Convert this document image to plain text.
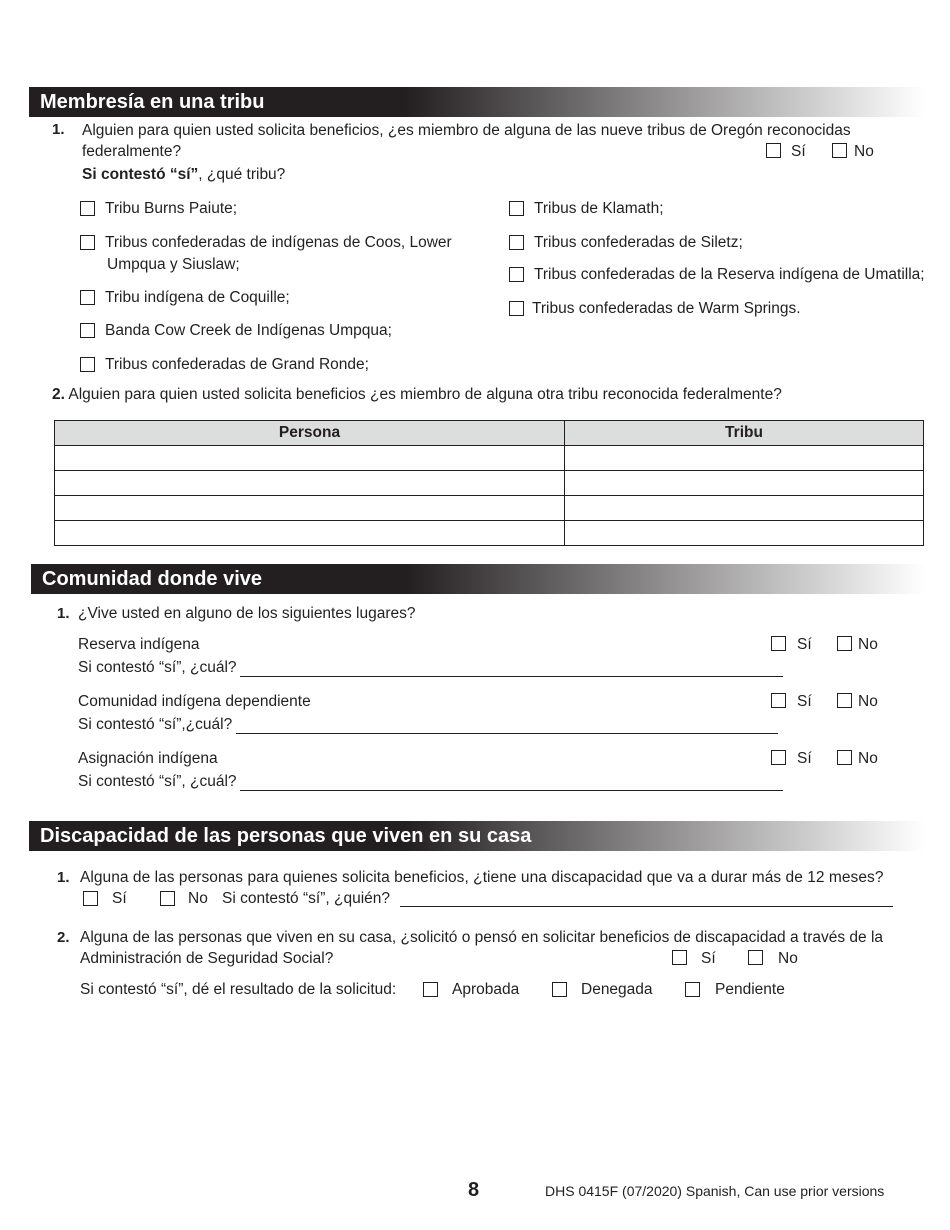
Membresía en una tribu
1. Alguien para quien usted solicita beneficios, ¿es miembro de alguna de las nueve tribus de Oregón reconocidas
federalmente?	Sí	No
Si contestó “sí”, ¿qué tribu?
Tribu Burns Paiute;
Tribus confederadas de indígenas de Coos, Lower
Umpqua y Siuslaw;
Tribu indígena de Coquille;
Banda Cow Creek de Indígenas Umpqua;
Tribus confederadas de Grand Ronde;
Tribus de Klamath;
Tribus confederadas de Siletz;
Tribus confederadas de la Reserva indígena de Umatilla;
Tribus confederadas de Warm Springs.
2. Alguien para quien usted solicita beneficios ¿es miembro de alguna otra tribu reconocida federalmente?
Persona	Tribu

Comunidad donde vive
1. ¿Vive usted en alguno de los siguientes lugares?
Reserva indígena
Si contestó “sí”, ¿cuál?
Sí	No
Comunidad indígena dependiente
Si contestó “sí”,¿cuál?
Sí	No
Asignación indígena
Si contestó “sí”, ¿cuál?
Sí	No
Discapacidad de las personas que viven en su casa
1. Alguna de las personas para quienes solicita beneficios, ¿tiene una discapacidad que va a durar más de 12 meses?
Sí	No Si contestó “sí”, ¿quién?
2. Alguna de las personas que viven en su casa, ¿solicitó o pensó en solicitar beneficios de discapacidad a través de la
Administración de Seguridad Social?	Sí	No
Si contestó “sí”, dé el resultado de la solicitud:	Aprobada	Denegada	Pendiente
8	DHS 0415F (07/2020) Spanish, Can use prior versions
